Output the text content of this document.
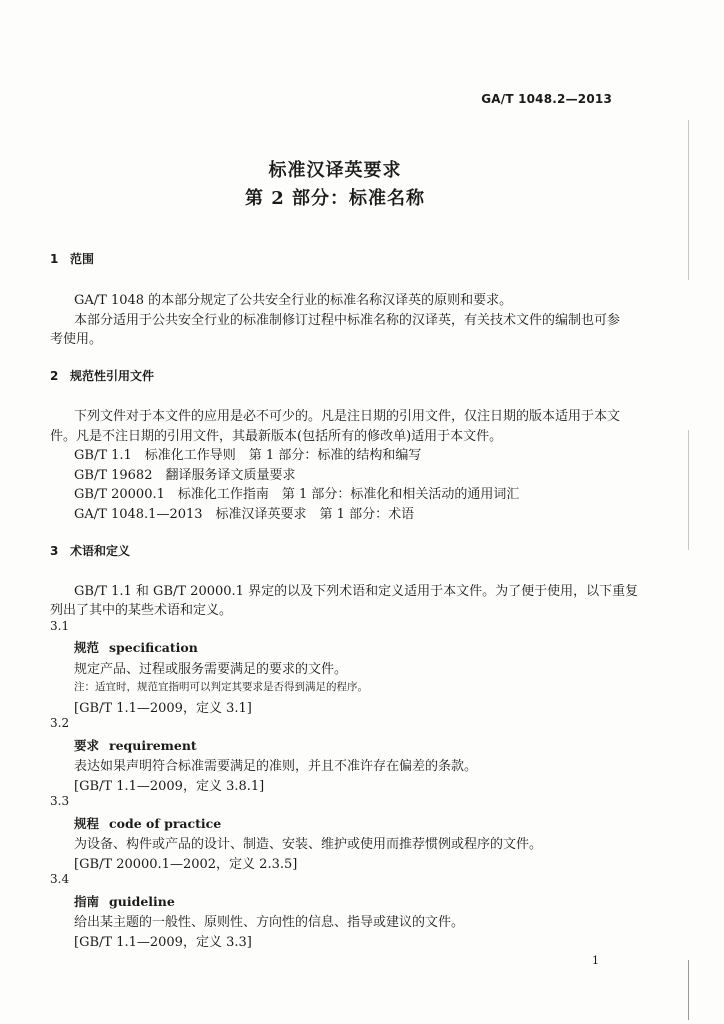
GA/T 1048.2—2013
标准汉译英要求
第 2 部分：标准名称
1 范围
GA/T 1048 的本部分规定了公共安全行业的标准名称汉译英的原则和要求。
本部分适用于公共安全行业的标准制修订过程中标准名称的汉译英，有关技术文件的编制也可参
考使用。
2 规范性引用文件
下列文件对于本文件的应用是必不可少的。凡是注日期的引用文件，仅注日期的版本适用于本文
件。凡是不注日期的引用文件，其最新版本(包括所有的修改单)适用于本文件。
GB/T 1.1　标准化工作导则　第 1 部分：标准的结构和编写
GB/T 19682　翻译服务译文质量要求
GB/T 20000.1　标准化工作指南　第 1 部分：标准化和相关活动的通用词汇
GA/T 1048.1—2013　标准汉译英要求　第 1 部分：术语
3 术语和定义
GB/T 1.1 和 GB/T 20000.1 界定的以及下列术语和定义适用于本文件。为了便于使用，以下重复
列出了其中的某些术语和定义。
3.1
规范 specification
规定产品、过程或服务需要满足的要求的文件。
注：适宜时，规范宜指明可以判定其要求是否得到满足的程序。
[GB/T 1.1—2009，定义 3.1]
3.2
要求 requirement
表达如果声明符合标准需要满足的准则，并且不准许存在偏差的条款。
[GB/T 1.1—2009，定义 3.8.1]
3.3
规程 code of practice
为设备、构件或产品的设计、制造、安装、维护或使用而推荐惯例或程序的文件。
[GB/T 20000.1—2002，定义 2.3.5]
3.4
指南 guideline
给出某主题的一般性、原则性、方向性的信息、指导或建议的文件。
[GB/T 1.1—2009，定义 3.3]
1
